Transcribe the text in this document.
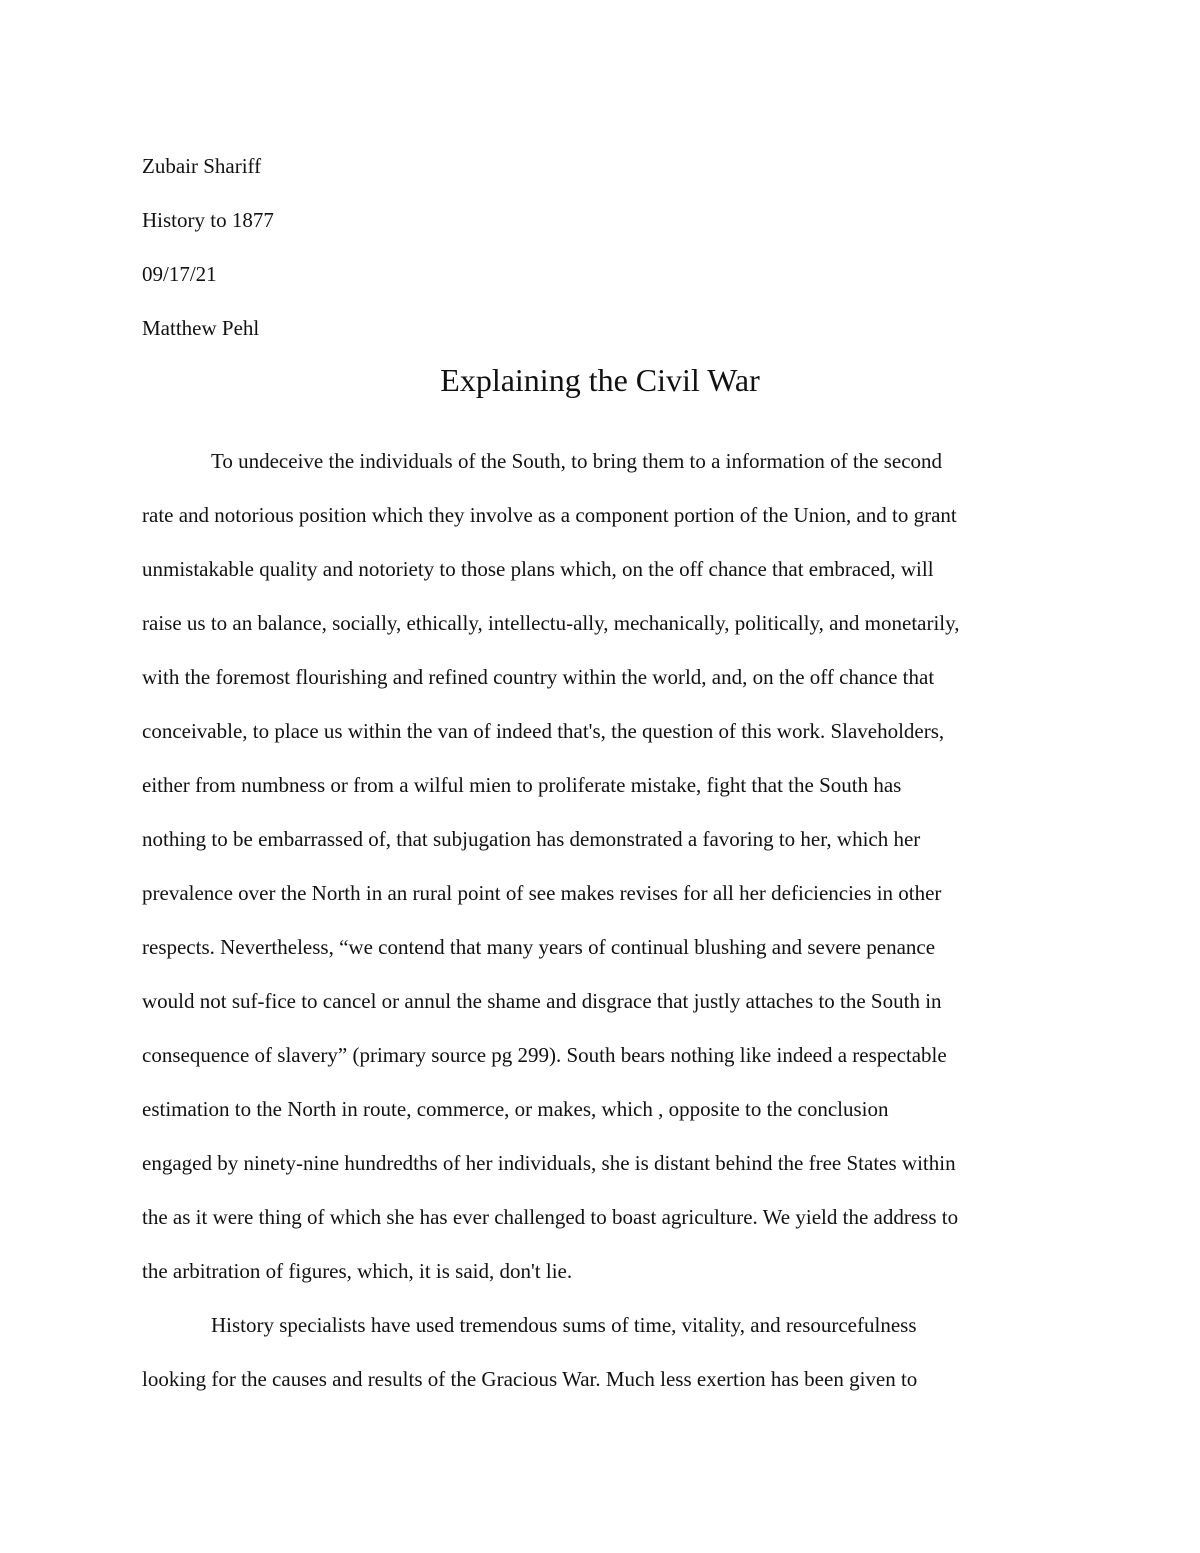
Zubair Shariff
History to 1877
09/17/21
Matthew Pehl
Explaining the Civil War
To undeceive the individuals of the South, to bring them to a information of the second
rate and notorious position which they involve as a component portion of the Union, and to grant
unmistakable quality and notoriety to those plans which, on the off chance that embraced, will
raise us to an balance, socially, ethically, intellectu-ally, mechanically, politically, and monetarily,
with the foremost flourishing and refined country within the world, and, on the off chance that
conceivable, to place us within the van of indeed that's, the question of this work. Slaveholders,
either from numbness or from a wilful mien to proliferate mistake, fight that the South has
nothing to be embarrassed of, that subjugation has demonstrated a favoring to her, which her
prevalence over the North in an rural point of see makes revises for all her deficiencies in other
respects. Nevertheless, “we contend that many years of continual blushing and severe penance
would not suf-fice to cancel or annul the shame and disgrace that justly attaches to the South in
consequence of slavery” (primary source pg 299). South bears nothing like indeed a respectable
estimation to the North in route, commerce, or makes, which , opposite to the conclusion
engaged by ninety-nine hundredths of her individuals, she is distant behind the free States within
the as it were thing of which she has ever challenged to boast agriculture. We yield the address to
the arbitration of figures, which, it is said, don't lie.
History specialists have used tremendous sums of time, vitality, and resourcefulness
looking for the causes and results of the Gracious War. Much less exertion has been given to
